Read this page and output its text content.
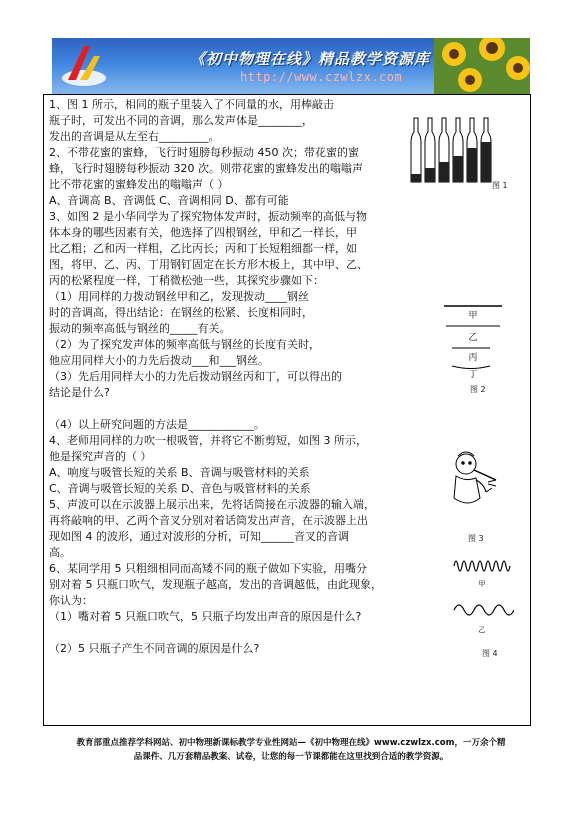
《初中物理在线》精品教学资源库
http://www.czwlzx.com

1、图 1 所示，相同的瓶子里装入了不同量的水，用棒敲击

瓶子时，可发出不同的音调，那么发声体是________，

发出的音调是从左至右_________。

2、不带花蜜的蜜蜂，飞行时翅膀每秒振动 450 次；带花蜜的蜜

蜂，飞行时翅膀每秒振动 320 次。则带花蜜的蜜蜂发出的嗡嗡声

比不带花蜜的蜜蜂发出的嗡嗡声（ ）

A、音调高 B、音调低 C、音调相同 D、都有可能

3、如图 2 是小华同学为了探究物体发声时，振动频率的高低与物

体本身的哪些因素有关，他选择了四根钢丝，甲和乙一样长，甲

比乙粗；乙和丙一样粗，乙比丙长；丙和丁长短粗细都一样，如

图，将甲、乙、丙、丁用钢钉固定在长方形木板上，其中甲、乙、

丙的松紧程度一样，丁稍微松弛一些，其探究步骤如下：

（1）用同样的力拨动钢丝甲和乙，发现拨动____钢丝

时的音调高，得出结论：在钢丝的松紧、长度相同时，

振动的频率高低与钢丝的_____有关。

（2）为了探究发声体的频率高低与钢丝的长度有关时，

他应用同样大小的力先后拨动___和___钢丝。

（3）先后用同样大小的力先后拨动钢丝丙和丁，可以得出的

结论是什么?

（4）以上研究问题的方法是____________。

4、老师用同样的力吹一根吸管，并将它不断剪短，如图 3 所示，

他是探究声音的（ ）

A、响度与吸管长短的关系 B、音调与吸管材料的关系

C、音调与吸管长短的关系 D、音色与吸管材料的关系

5、声波可以在示波器上展示出来，先将话筒接在示波器的输入端，

再将敲响的甲、乙两个音叉分别对着话筒发出声音，在示波器上出

现如图 4 的波形，通过对波形的分析，可知______音叉的音调

高。

6、某同学用 5 只粗细相同而高矮不同的瓶子做如下实验，用嘴分

别对着 5 只瓶口吹气，发现瓶子越高，发出的音调越低，由此现象，

你认为：

（1）嘴对着 5 只瓶口吹气，5 只瓶子均发出声音的原因是什么?

（2）5 只瓶子产生不同音调的原因是什么?

图 1
甲
乙
丙
丁
图 2
图 3
甲
乙
图 4
教育部重点推荐学科网站、初中物理新课标教学专业性网站—《初中物理在线》www.czwlzx.com，一万余个精
品课件、几万套精品教案、试卷，让您的每一节课都能在这里找到合适的教学资源。
